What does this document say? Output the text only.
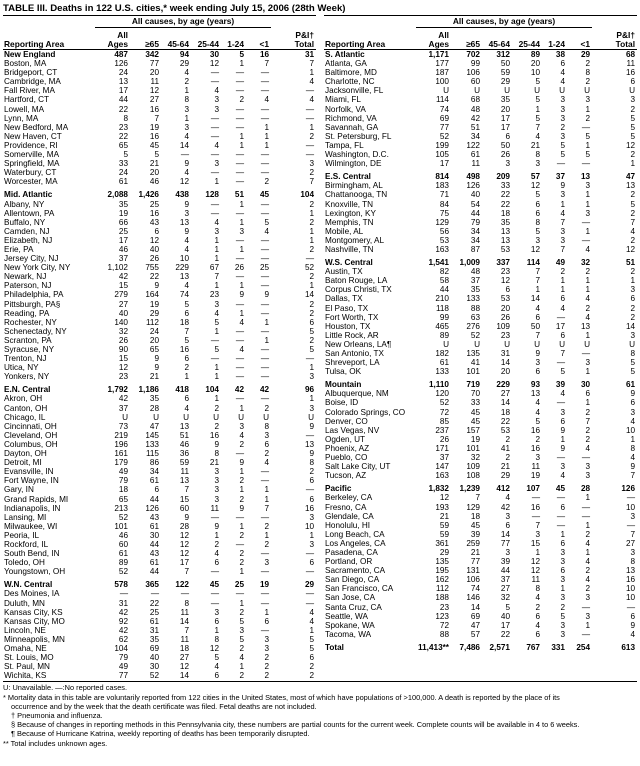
TABLE III. Deaths in 122 U.S. cities,* week ending July 15, 2006 (28th Week)
	All causes, by age (years)						
Reporting Area	All
Ages	≥65	45-64	25-44	1-24	<1	P&I†
Total
New England	487	342	94	30	5	16	31
Boston, MA	126	77	29	12	1	7	7
Bridgeport, CT	24	20	4	—	—	—	1
Cambridge, MA	13	11	2	—	—	—	4
Fall River, MA	17	12	1	4	—	—	—
Hartford, CT	44	27	8	3	2	4	4
Lowell, MA	22	16	3	3	—	—	—
Lynn, MA	8	7	1	—	—	—	—
New Bedford, MA	23	19	3	—	—	1	1
New Haven, CT	22	16	4	—	1	1	2
Providence, RI	65	45	14	4	1	1	—
Somerville, MA	5	5	—	—	—	—	—
Springfield, MA	33	21	9	3	—	—	3
Waterbury, CT	24	20	4	—	—	—	2
Worcester, MA	61	46	12	1	—	2	7

Mid. Atlantic	2,088	1,426	438	128	51	45	104
Albany, NY	35	25	9	—	1	—	2
Allentown, PA	19	16	3	—	—	—	1
Buffalo, NY	66	43	13	4	1	5	2
Camden, NJ	25	6	9	3	3	4	1
Elizabeth, NJ	17	12	4	1	—	—	1
Erie, PA	46	40	4	1	1	—	2
Jersey City, NJ	37	26	10	1	—	—	—
New York City, NY	1,102	755	229	67	26	25	52
Newark, NJ	42	22	13	7	—	—	2
Paterson, NJ	15	9	4	1	1	—	1
Philadelphia, PA	279	164	74	23	9	9	14
Pittsburgh, PA§	27	19	5	3	—	—	2
Reading, PA	40	29	6	4	1	—	2
Rochester, NY	140	112	18	5	4	1	6
Schenectady, NY	32	24	7	1	—	—	5
Scranton, PA	26	20	5	—	—	1	2
Syracuse, NY	90	65	16	5	4	—	5
Trenton, NJ	15	9	6	—	—	—	—
Utica, NY	12	9	2	1	—	—	1
Yonkers, NY	23	21	1	1	—	—	3

E.N. Central	1,792	1,186	418	104	42	42	96
Akron, OH	42	35	6	1	—	—	1
Canton, OH	37	28	4	2	1	2	3
Chicago, IL	U	U	U	U	U	U	U
Cincinnati, OH	73	47	13	2	3	8	9
Cleveland, OH	219	145	51	16	4	3	—
Columbus, OH	196	133	46	9	2	6	13
Dayton, OH	161	115	36	8	—	2	9
Detroit, MI	179	86	59	21	9	4	8
Evansville, IN	49	34	11	3	1	—	2
Fort Wayne, IN	79	61	13	3	2	—	6
Gary, IN	18	6	7	3	1	1	—
Grand Rapids, MI	65	44	15	3	2	1	6
Indianapolis, IN	213	126	60	11	9	7	16
Lansing, MI	52	43	9	—	—	—	3
Milwaukee, WI	101	61	28	9	1	2	10
Peoria, IL	46	30	12	1	2	1	1
Rockford, IL	60	44	12	2	—	2	3
South Bend, IN	61	43	12	4	2	—	—
Toledo, OH	89	61	17	6	2	3	6
Youngstown, OH	52	44	7	—	1	—	—

W.N. Central	578	365	122	45	25	19	29
Des Moines, IA	—	—	—	—	—	—	—
Duluth, MN	31	22	8	—	1	—	—
Kansas City, KS	42	25	11	3	2	1	4
Kansas City, MO	92	61	14	6	5	6	4
Lincoln, NE	42	31	7	1	3	—	1
Minneapolis, MN	62	35	11	8	5	3	5
Omaha, NE	104	69	18	12	2	3	5
St. Louis, MO	79	40	27	5	4	2	6
St. Paul, MN	49	30	12	4	1	2	2
Wichita, KS	77	52	14	6	2	2	2
	All causes, by age (years)						
Reporting Area	All
Ages	≥65	45-64	25-44	1-24	<1	P&I†
Total
S. Atlantic	1,171	702	312	89	38	29	68
Atlanta, GA	177	99	50	20	6	2	11
Baltimore, MD	187	106	59	10	4	8	16
Charlotte, NC	100	60	29	5	4	2	6
Jacksonville, FL	U	U	U	U	U	U	U
Miami, FL	114	68	35	5	3	3	3
Norfolk, VA	74	48	20	1	3	1	2
Richmond, VA	69	42	17	5	3	2	5
Savannah, GA	77	51	17	7	2	—	5
St. Petersburg, FL	52	34	6	4	3	5	5
Tampa, FL	199	122	50	21	5	1	12
Washington, D.C.	105	61	26	8	5	5	2
Wilmington, DE	17	11	3	3	—	—	1

E.S. Central	814	498	209	57	37	13	47
Birmingham, AL	183	126	33	12	9	3	13
Chattanooga, TN	71	40	22	5	3	1	2
Knoxville, TN	84	54	22	6	1	1	5
Lexington, KY	75	44	18	6	4	3	2
Memphis, TN	129	79	35	8	7	—	7
Mobile, AL	56	34	13	5	3	1	4
Montgomery, AL	53	34	13	3	3	—	2
Nashville, TN	163	87	53	12	7	4	12

W.S. Central	1,541	1,009	337	114	49	32	51
Austin, TX	82	48	23	7	2	2	2
Baton Rouge, LA	58	37	12	7	1	1	1
Corpus Christi, TX	44	35	6	1	1	1	3
Dallas, TX	210	133	53	14	6	4	6
El Paso, TX	118	88	20	4	4	2	2
Fort Worth, TX	99	63	26	6	—	4	2
Houston, TX	465	276	109	50	17	13	14
Little Rock, AR	89	52	23	7	6	1	3
New Orleans, LA¶	U	U	U	U	U	U	U
San Antonio, TX	182	135	31	9	7	—	8
Shreveport, LA	61	41	14	3	—	3	5
Tulsa, OK	133	101	20	6	5	1	5

Mountain	1,110	719	229	93	39	30	61
Albuquerque, NM	120	70	27	13	4	6	9
Boise, ID	52	33	14	4	—	1	6
Colorado Springs, CO	72	45	18	4	3	2	3
Denver, CO	85	45	22	5	6	7	4
Las Vegas, NV	237	157	53	16	9	2	10
Ogden, UT	26	19	2	2	1	2	1
Phoenix, AZ	171	101	41	16	9	4	8
Pueblo, CO	37	32	2	3	—	—	4
Salt Lake City, UT	147	109	21	11	3	3	9
Tucson, AZ	163	108	29	19	4	3	7

Pacific	1,832	1,239	412	107	45	28	126
Berkeley, CA	12	7	4	—	—	1	—
Fresno, CA	193	129	42	16	6	—	10
Glendale, CA	21	18	3	—	—	—	3
Honolulu, HI	59	45	6	7	—	1	—
Long Beach, CA	59	39	14	3	1	2	7
Los Angeles, CA	361	259	77	15	6	4	27
Pasadena, CA	29	21	3	1	3	1	3
Portland, OR	135	77	39	12	3	4	8
Sacramento, CA	195	131	44	12	6	2	13
San Diego, CA	162	106	37	11	3	4	16
San Francisco, CA	112	74	27	8	1	2	10
San Jose, CA	188	146	32	4	3	3	10
Santa Cruz, CA	23	14	5	2	2	—	—
Seattle, WA	123	69	40	6	5	3	6
Spokane, WA	72	47	17	4	3	1	9
Tacoma, WA	88	57	22	6	3	—	4

Total	11,413**	7,486	2,571	767	331	254	613
U: Unavailable. —:No reported cases.
* Mortality data in this table are voluntarily reported from 122 cities in the United States, most of which have populations of >100,000. A death is reported by the place of its
occurrence and by the week that the death certificate was filed. Fetal deaths are not included.
† Pneumonia and influenza.
§ Because of changes in reporting methods in this Pennsylvania city, these numbers are partial counts for the current week. Complete counts will be available in 4 to 6 weeks.
¶ Because of Hurricane Katrina, weekly reporting of deaths has been temporarily disrupted.
** Total includes unknown ages.
